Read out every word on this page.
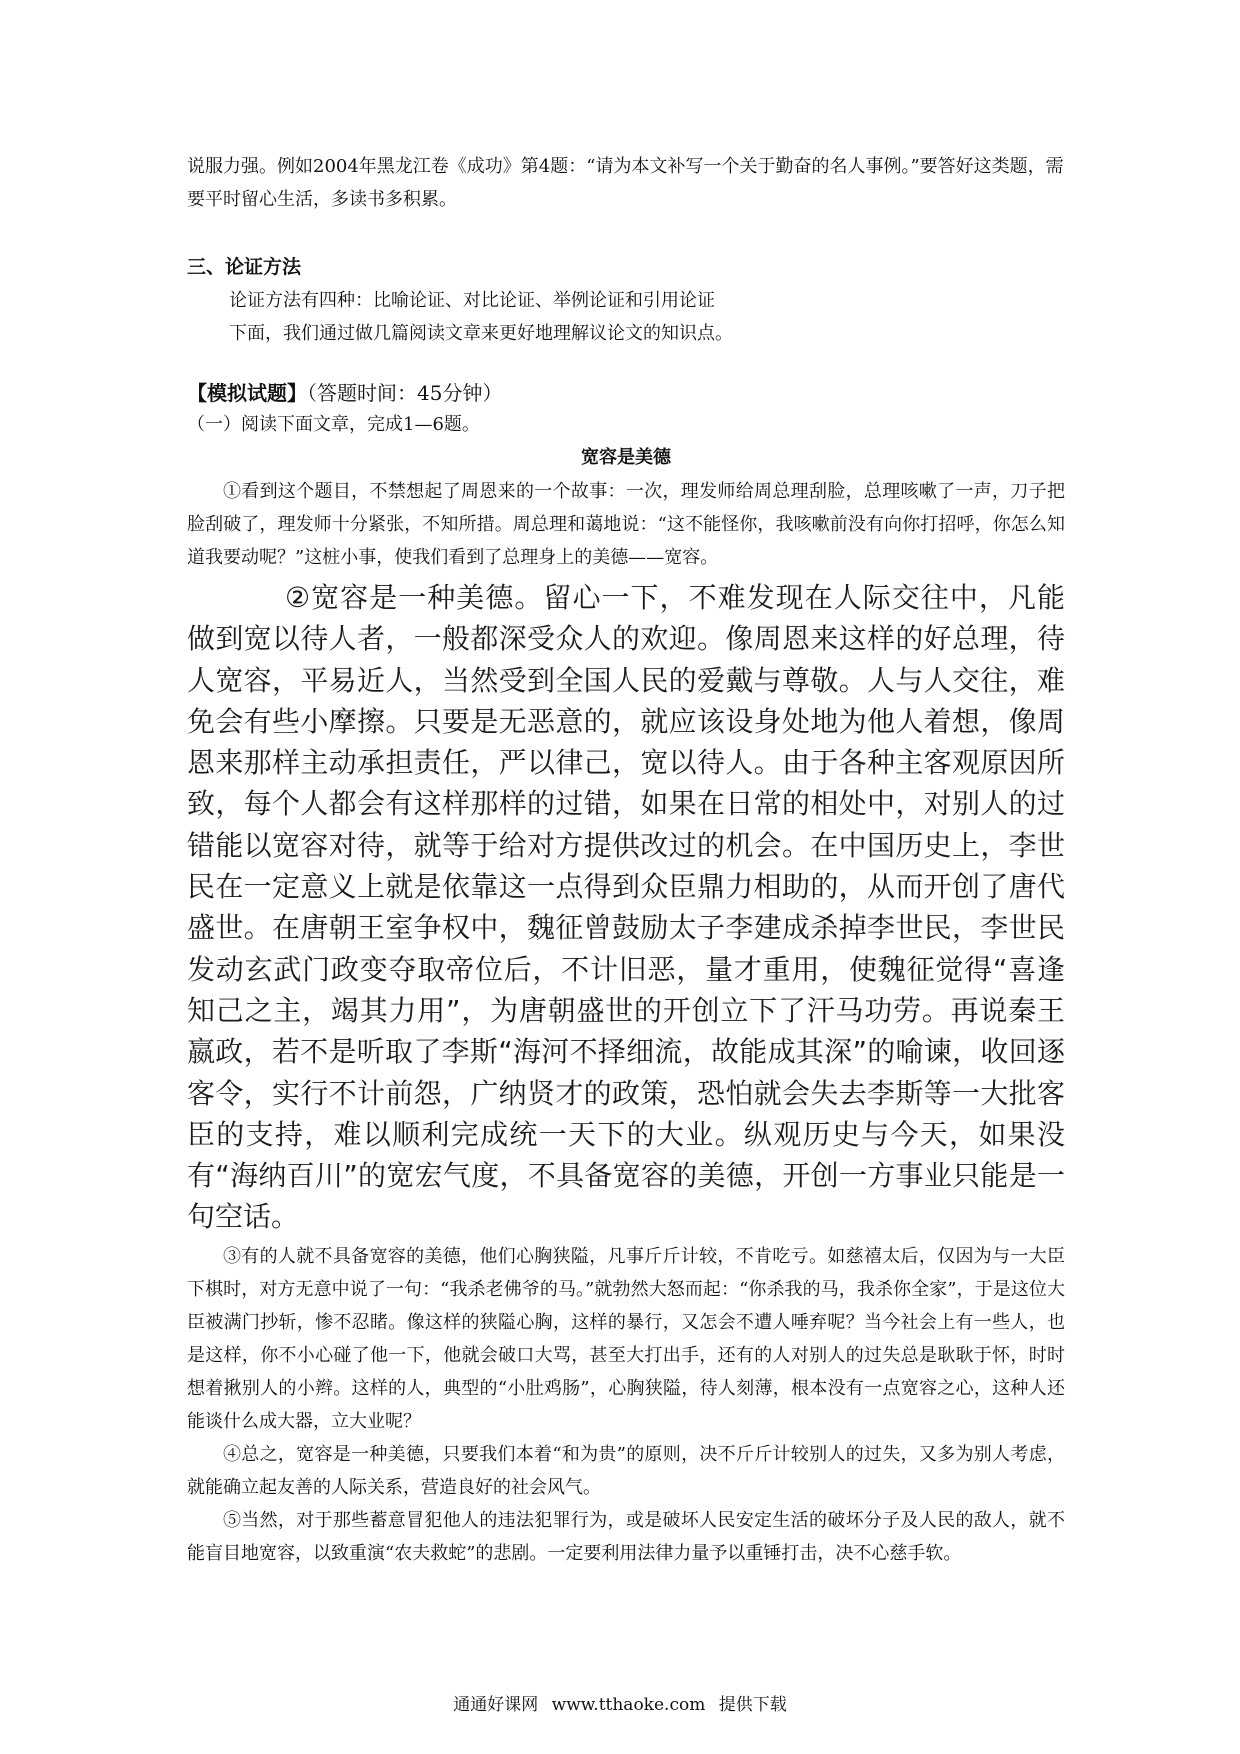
说服力强。例如2004年黑龙江卷《成功》第4题：“请为本文补写一个关于勤奋的名人事例。”要答好这类题，需要平时留心生活，多读书多积累。

三、论证方法

论证方法有四种：比喻论证、对比论证、举例论证和引用论证

下面，我们通过做几篇阅读文章来更好地理解议论文的知识点。

【模拟试题】（答题时间：45分钟）

（一）阅读下面文章，完成1—6题。

宽容是美德

①看到这个题目，不禁想起了周恩来的一个故事：一次，理发师给周总理刮脸，总理咳嗽了一声，刀子把脸刮破了，理发师十分紧张，不知所措。周总理和蔼地说：“这不能怪你，我咳嗽前没有向你打招呼，你怎么知道我要动呢？”这桩小事，使我们看到了总理身上的美德——宽容。

②宽容是一种美德。留心一下，不难发现在人际交往中，凡能做到宽以待人者，一般都深受众人的欢迎。像周恩来这样的好总理，待人宽容，平易近人，当然受到全国人民的爱戴与尊敬。人与人交往，难免会有些小摩擦。只要是无恶意的，就应该设身处地为他人着想，像周恩来那样主动承担责任，严以律己，宽以待人。由于各种主客观原因所致，每个人都会有这样那样的过错，如果在日常的相处中，对别人的过错能以宽容对待，就等于给对方提供改过的机会。在中国历史上，李世民在一定意义上就是依靠这一点得到众臣鼎力相助的，从而开创了唐代盛世。在唐朝王室争权中，魏征曾鼓励太子李建成杀掉李世民，李世民发动玄武门政变夺取帝位后，不计旧恶，量才重用，使魏征觉得“喜逢知己之主，竭其力用”，为唐朝盛世的开创立下了汗马功劳。再说秦王嬴政，若不是听取了李斯“海河不择细流，故能成其深”的喻谏，收回逐客令，实行不计前怨，广纳贤才的政策，恐怕就会失去李斯等一大批客臣的支持，难以顺利完成统一天下的大业。纵观历史与今天，如果没有“海纳百川”的宽宏气度，不具备宽容的美德，开创一方事业只能是一句空话。

③有的人就不具备宽容的美德，他们心胸狭隘，凡事斤斤计较，不肯吃亏。如慈禧太后，仅因为与一大臣下棋时，对方无意中说了一句：“我杀老佛爷的马。”就勃然大怒而起：“你杀我的马，我杀你全家”，于是这位大臣被满门抄斩，惨不忍睹。像这样的狭隘心胸，这样的暴行，又怎会不遭人唾弃呢？当今社会上有一些人，也是这样，你不小心碰了他一下，他就会破口大骂，甚至大打出手，还有的人对别人的过失总是耿耿于怀，时时想着揪别人的小辫。这样的人，典型的“小肚鸡肠”，心胸狭隘，待人刻薄，根本没有一点宽容之心，这种人还能谈什么成大器，立大业呢？

④总之，宽容是一种美德，只要我们本着“和为贵”的原则，决不斤斤计较别人的过失，又多为别人考虑，就能确立起友善的人际关系，营造良好的社会风气。

⑤当然，对于那些蓄意冒犯他人的违法犯罪行为，或是破坏人民安定生活的破坏分子及人民的敌人，就不能盲目地宽容，以致重演“农夫救蛇”的悲剧。一定要利用法律力量予以重锤打击，决不心慈手软。

通通好课网 www.tthaoke.com 提供下载
